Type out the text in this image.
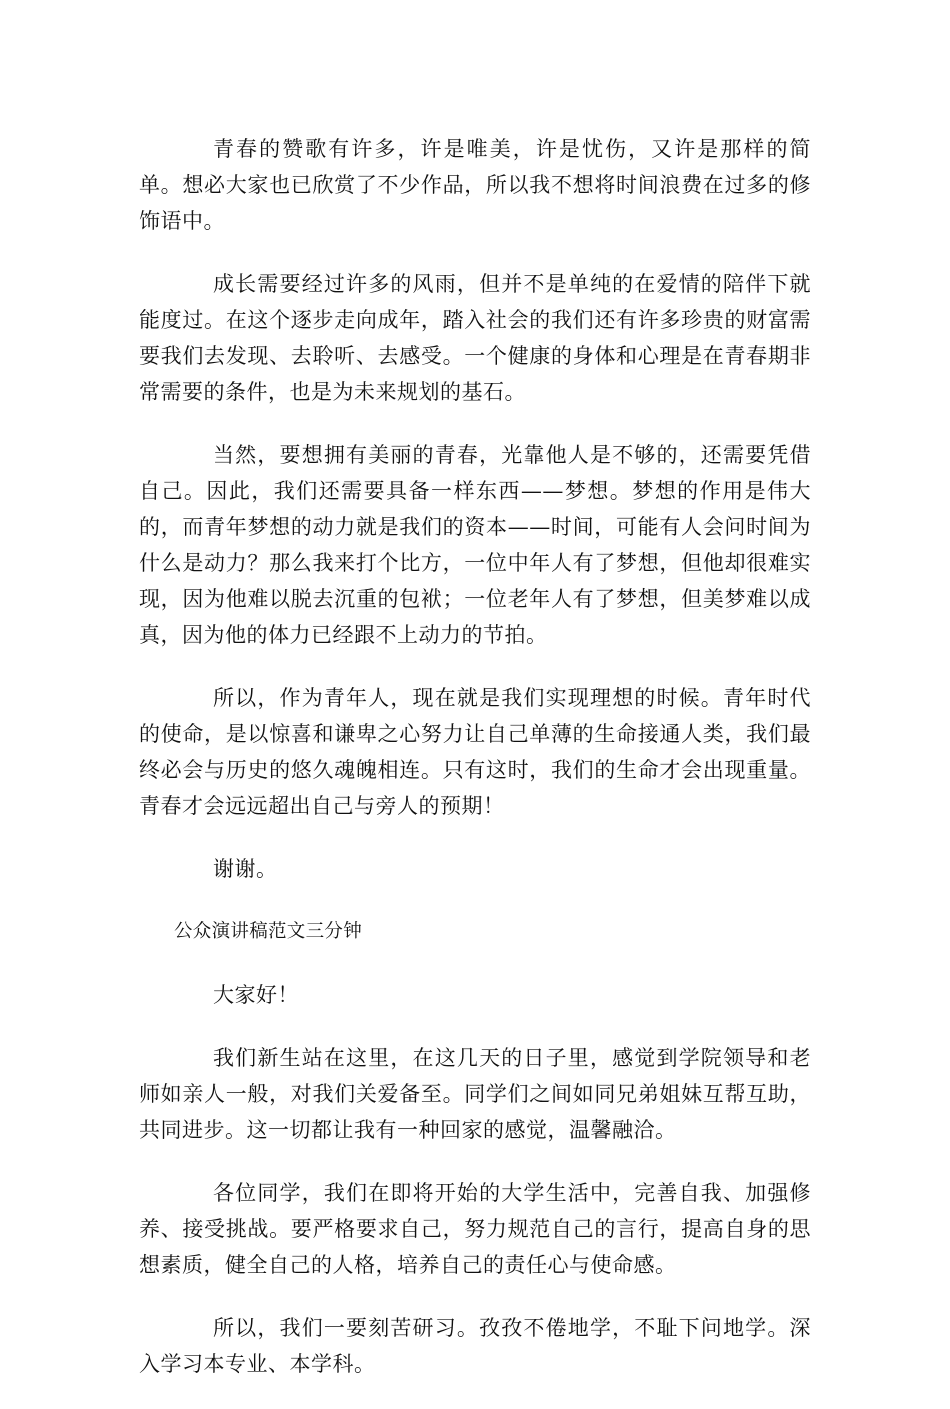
青春的赞歌有许多，许是唯美，许是忧伤，又许是那样的简单。想必大家也已欣赏了不少作品，所以我不想将时间浪费在过多的修饰语中。

成长需要经过许多的风雨，但并不是单纯的在爱情的陪伴下就能度过。在这个逐步走向成年，踏入社会的我们还有许多珍贵的财富需要我们去发现、去聆听、去感受。一个健康的身体和心理是在青春期非常需要的条件，也是为未来规划的基石。

当然，要想拥有美丽的青春，光靠他人是不够的，还需要凭借自己。因此，我们还需要具备一样东西——梦想。梦想的作用是伟大的，而青年梦想的动力就是我们的资本——时间，可能有人会问时间为什么是动力？那么我来打个比方，一位中年人有了梦想，但他却很难实现，因为他难以脱去沉重的包袱；一位老年人有了梦想，但美梦难以成真，因为他的体力已经跟不上动力的节拍。

所以，作为青年人，现在就是我们实现理想的时候。青年时代的使命，是以惊喜和谦卑之心努力让自己单薄的生命接通人类，我们最终必会与历史的悠久魂魄相连。只有这时，我们的生命才会出现重量。青春才会远远超出自己与旁人的预期！

谢谢。

公众演讲稿范文三分钟

大家好！

我们新生站在这里，在这几天的日子里，感觉到学院领导和老师如亲人一般，对我们关爱备至。同学们之间如同兄弟姐妹互帮互助，共同进步。这一切都让我有一种回家的感觉，温馨融洽。

各位同学，我们在即将开始的大学生活中，完善自我、加强修养、接受挑战。要严格要求自己，努力规范自己的言行，提高自身的思想素质，健全自己的人格，培养自己的责任心与使命感。

所以，我们一要刻苦研习。孜孜不倦地学，不耻下问地学。深入学习本专业、本学科。
